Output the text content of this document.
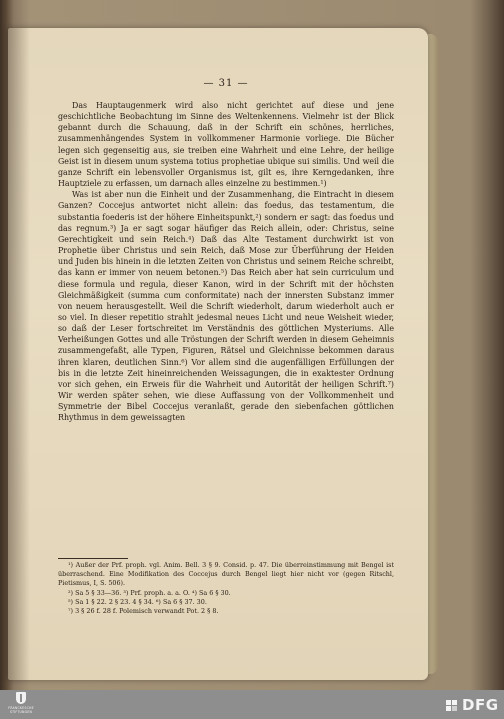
— 31 —

Das Hauptaugenmerk wird also nicht gerichtet auf diese und jene geschichtliche Beobachtung im Sinne des Weltenkennens. Vielmehr ist der Blick gebannt durch die Schauung, daß in der Schrift ein schönes, herrliches, zusammenhängendes System in vollkommener Harmonie vorliege. Die Bücher legen sich gegenseitig aus, sie treiben eine Wahrheit und eine Lehre, der heilige Geist ist in diesem unum systema totius prophetiae ubique sui similis. Und weil die ganze Schrift ein lebensvoller Organismus ist, gilt es, ihre Kerngedanken, ihre Hauptziele zu erfassen, um darnach alles einzelne zu bestimmen.¹)

Was ist aber nun die Einheit und der Zusammenhang, die Eintracht in diesem Ganzen? Coccejus antwortet nicht allein: das foedus, das testamentum, die substantia foederis ist der höhere Einheitspunkt,²) sondern er sagt: das foedus und das regnum.³) Ja er sagt sogar häufiger das Reich allein, oder: Christus, seine Gerechtigkeit und sein Reich.⁴) Daß das Alte Testament durchwirkt ist von Prophetie über Christus und sein Reich, daß Mose zur Überführung der Heiden und Juden bis hinein in die letzten Zeiten von Christus und seinem Reiche schreibt, das kann er immer von neuem betonen.⁵) Das Reich aber hat sein curriculum und diese formula und regula, dieser Kanon, wird in der Schrift mit der höchsten Gleichmäßigkeit (summa cum conformitate) nach der innersten Substanz immer von neuem herausgestellt. Weil die Schrift wiederholt, darum wiederholt auch er so viel. In dieser repetitio strahlt jedesmal neues Licht und neue Weisheit wieder, so daß der Leser fortschreitet im Verständnis des göttlichen Mysteriums. Alle Verheißungen Gottes und alle Tröstungen der Schrift werden in diesem Geheimnis zusammengefaßt, alle Typen, Figuren, Rätsel und Gleichnisse bekommen daraus ihren klaren, deutlichen Sinn.⁶) Vor allem sind die augenfälligen Erfüllungen der bis in die letzte Zeit hineinreichenden Weissagungen, die in exaktester Ordnung vor sich gehen, ein Erweis für die Wahrheit und Autorität der heiligen Schrift.⁷) Wir werden später sehen, wie diese Auffassung von der Vollkommenheit und Symmetrie der Bibel Coccejus veranlaßt, gerade den siebenfachen göttlichen Rhythmus in dem geweissagten

¹) Außer der Prf. proph. vgl. Anim. Bell. 3 § 9. Consid. p. 47. Die überreinstimmung mit Bengel ist überraschend. Eine Modifikation des Coccejus durch Bengel liegt hier nicht vor (gegen Ritschl, Pietismus, I, S. 506).
²) Sa 5 § 33—36. ³) Prf. proph. a. a. O. ⁴) Sa 6 § 30.
⁵) Sa 1 § 22. 2 § 23. 4 § 34. ⁶) Sa 6 § 37. 30.
⁷) 3 § 26 f. 28 f. Polemisch verwandt Pot. 2 § 8.
FRANCKESCHE
STIFTUNGEN	DFG
